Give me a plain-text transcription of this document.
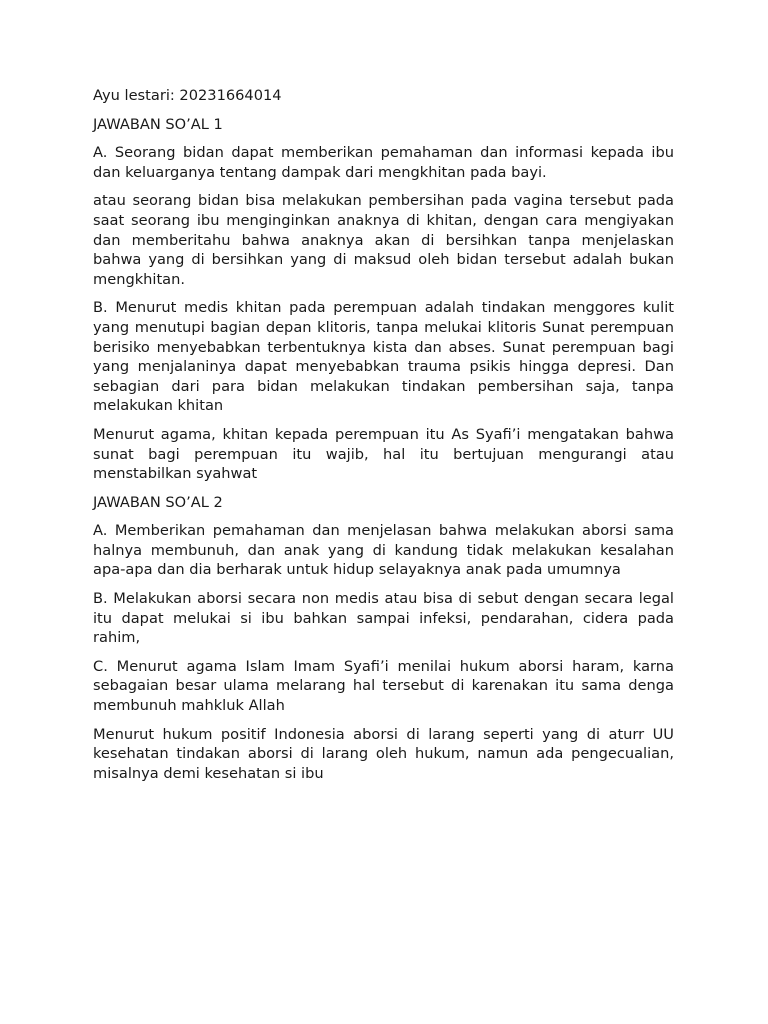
Ayu lestari: 20231664014

JAWABAN SO’AL 1

A. Seorang bidan dapat memberikan pemahaman dan informasi kepada ibu dan keluarganya tentang dampak dari mengkhitan pada bayi.

atau seorang bidan bisa melakukan pembersihan pada vagina tersebut pada saat seorang ibu menginginkan anaknya di khitan, dengan cara mengiyakan dan memberitahu bahwa anaknya akan di bersihkan tanpa menjelaskan bahwa yang di bersihkan yang di maksud oleh bidan tersebut adalah bukan mengkhitan.

B. Menurut medis khitan pada perempuan adalah tindakan menggores kulit yang menutupi bagian depan klitoris, tanpa melukai klitoris Sunat perempuan berisiko menyebabkan terbentuknya kista dan abses. Sunat perempuan bagi yang menjalaninya dapat menyebabkan trauma psikis hingga depresi. Dan sebagian dari para bidan melakukan tindakan pembersihan saja, tanpa melakukan khitan

Menurut agama, khitan kepada perempuan itu As Syafi’i mengatakan bahwa sunat bagi perempuan itu wajib, hal itu bertujuan mengurangi atau menstabilkan syahwat

JAWABAN SO’AL 2

A. Memberikan pemahaman dan menjelasan bahwa melakukan aborsi sama halnya membunuh, dan anak yang di kandung tidak melakukan kesalahan apa-apa dan dia berharak untuk hidup selayaknya anak pada umumnya

B. Melakukan aborsi secara non medis atau bisa di sebut dengan secara legal itu dapat melukai si ibu bahkan sampai infeksi, pendarahan, cidera pada rahim,

C. Menurut agama Islam Imam Syafi’i menilai hukum aborsi haram, karna sebagaian besar ulama melarang hal tersebut di karenakan itu sama denga membunuh mahkluk Allah

Menurut hukum positif Indonesia aborsi di larang seperti yang di aturr UU kesehatan tindakan aborsi di larang oleh hukum, namun ada pengecualian, misalnya demi kesehatan si ibu
